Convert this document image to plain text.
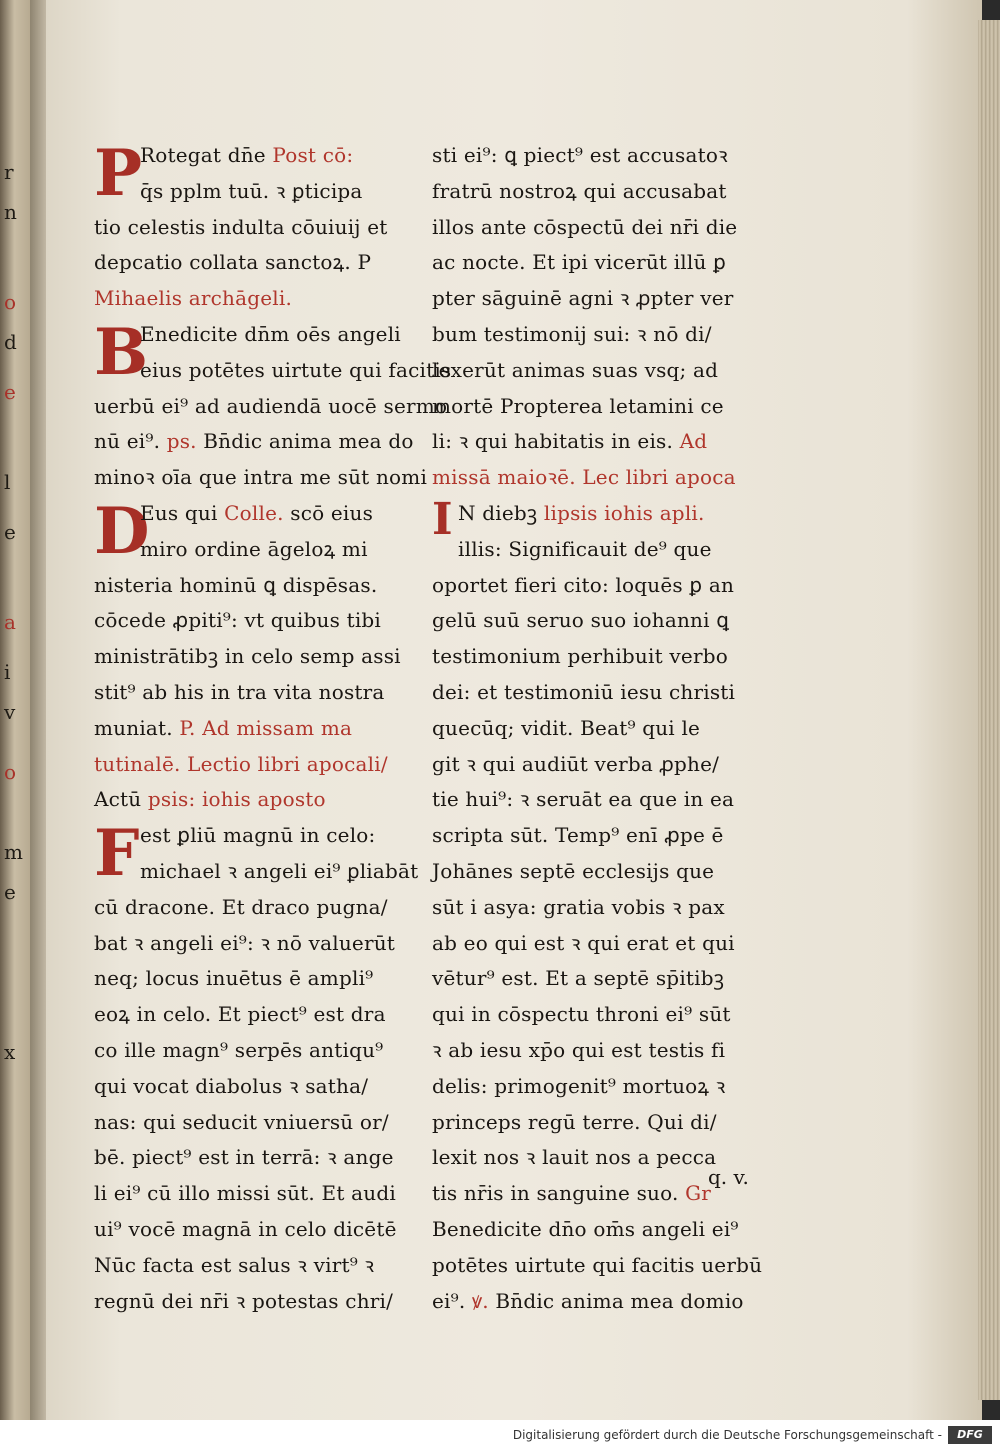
r
n
o
d
e
l
e
a
i
v
o
m
e
x
P
Rotegat dn̄e Post cō:
q̄s pplm tuū. ꝛ ꝑticipa
tio celestis indulta cōuiuij et
depcatio collata sanctoꝝ. P
Mihaelis archāgeli.
B
Enedicite dn̄m oēs angeli
eius potētes uirtute qui facitis
uerbū ei⁹ ad audiendā uocē sermo
nū ei⁹. ps. Bn̄dic anima mea do
minoꝛ oīa que intra me sūt nomi
D
Eus qui Colle. scō eius
miro ordine āgeloꝝ mi
nisteria hominū ꝗ dispēsas.
cōcede ꝓpiti⁹: vt quibus tibi
ministrātibꝫ in celo semp assi
stit⁹ ab his in tra vita nostra
muniat. P. Ad missam ma
tutinalē. Lectio libri apocali/
Actū psis: iohis aposto
Fest ꝑliū magnū in celo:
michael ꝛ angeli ei⁹ ꝑliabāt
cū dracone. Et draco pugna/
bat ꝛ angeli ei⁹: ꝛ nō valuerūt
neq; locus inuētus ē ampli⁹
eoꝝ in celo. Et piect⁹ est dra
co ille magn⁹ serpēs antiqu⁹
qui vocat diabolus ꝛ satha/
nas: qui seducit vniuersū or/
bē. piect⁹ est in terrā: ꝛ ange
li ei⁹ cū illo missi sūt. Et audi
ui⁹ vocē magnā in celo dicētē
Nūc facta est salus ꝛ virt⁹ ꝛ
regnū dei nr̄i ꝛ potestas chri/
sti ei⁹: ꝗ piect⁹ est accusatoꝛ
fratrū nostroꝝ qui accusabat
illos ante cōspectū dei nr̄i die
ac nocte. Et ipi vicerūt illū ꝑ
pter sāguinē agni ꝛ ꝓpter ver
bum testimonij sui: ꝛ nō di/
lexerūt animas suas vsq; ad
mortē Propterea letamini ce
li: ꝛ qui habitatis in eis. Ad
missā maioꝛē. Lec libri apoca
I N diebꝫ lipsis iohis apli.
illis: Significauit de⁹ que
oportet fieri cito: loquēs ꝑ an
gelū suū seruo suo iohanni ꝗ
testimonium perhibuit verbo
dei: et testimoniū iesu christi
quecūq; vidit. Beat⁹ qui le
git ꝛ qui audiūt verba ꝓphe/
tie hui⁹: ꝛ seruāt ea que in ea
scripta sūt. Temp⁹ enī ꝓpe ē
Johānes septē ecclesijs que
sūt i asya: gratia vobis ꝛ pax
ab eo qui est ꝛ qui erat et qui
vētur⁹ est. Et a septē sp̄itibꝫ
qui in cōspectu throni ei⁹ sūt
ꝛ ab iesu xp̄o qui est testis fi
delis: primogenit⁹ mortuoꝝ ꝛ
princeps regū terre. Qui di/
lexit nos ꝛ lauit nos a pecca
tis nr̄is in sanguine suo. Gr
Benedicite dn̄o om̄s angeli ei⁹
potētes uirtute qui facitis uerbū
ei⁹. ꝟ. Bn̄dic anima mea domio
q. v.
Digitalisierung gefördert durch die Deutsche Forschungsgemeinschaft -	DFG
